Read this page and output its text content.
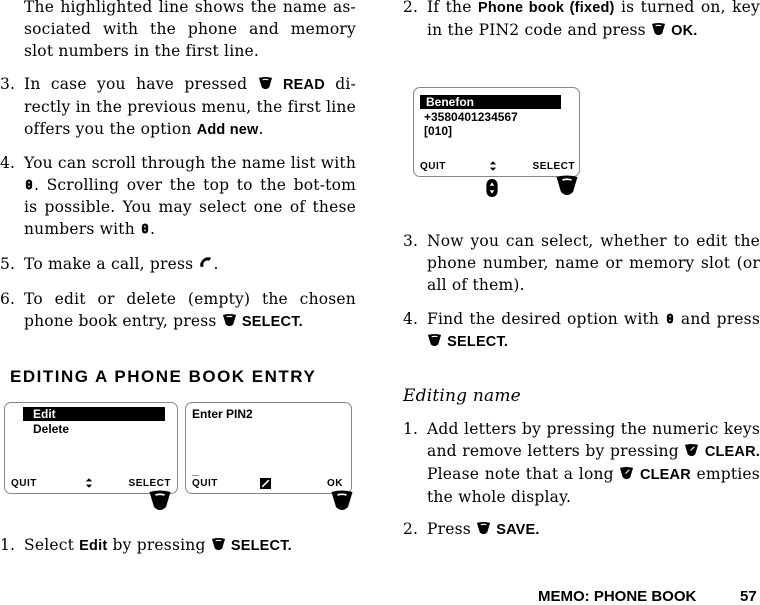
The highlighted line shows the name as-sociated with the phone and memory slot numbers in the first line.
3. In case you have pressed READ di-rectly in the previous menu, the first line offers you the option Add new.
4. You can scroll through the name list with . Scrolling over the top to the bot-tom is possible. You may select one of these numbers with .
5. To make a call, press .
6. To edit or delete (empty) the chosen phone book entry, press SELECT.
EDITING A PHONE BOOK ENTRY
Edit
Delete
QUIT	SELECT
Enter PIN2
_
QUIT	OK
1. Select Edit by pressing SELECT.
2. If the Phone book (fixed) is turned on, key in the PIN2 code and press OK.
Benefon
+3580401234567
[010]
QUIT	SELECT
3. Now you can select, whether to edit the phone number, name or memory slot (or all of them).
4. Find the desired option with and press  SELECT.
Editing name
1. Add letters by pressing the numeric keys and remove letters by pressing CLEAR. Please note that a long CLEAR empties the whole display.
2. Press SAVE.
MEMO: PHONE BOOK	57
